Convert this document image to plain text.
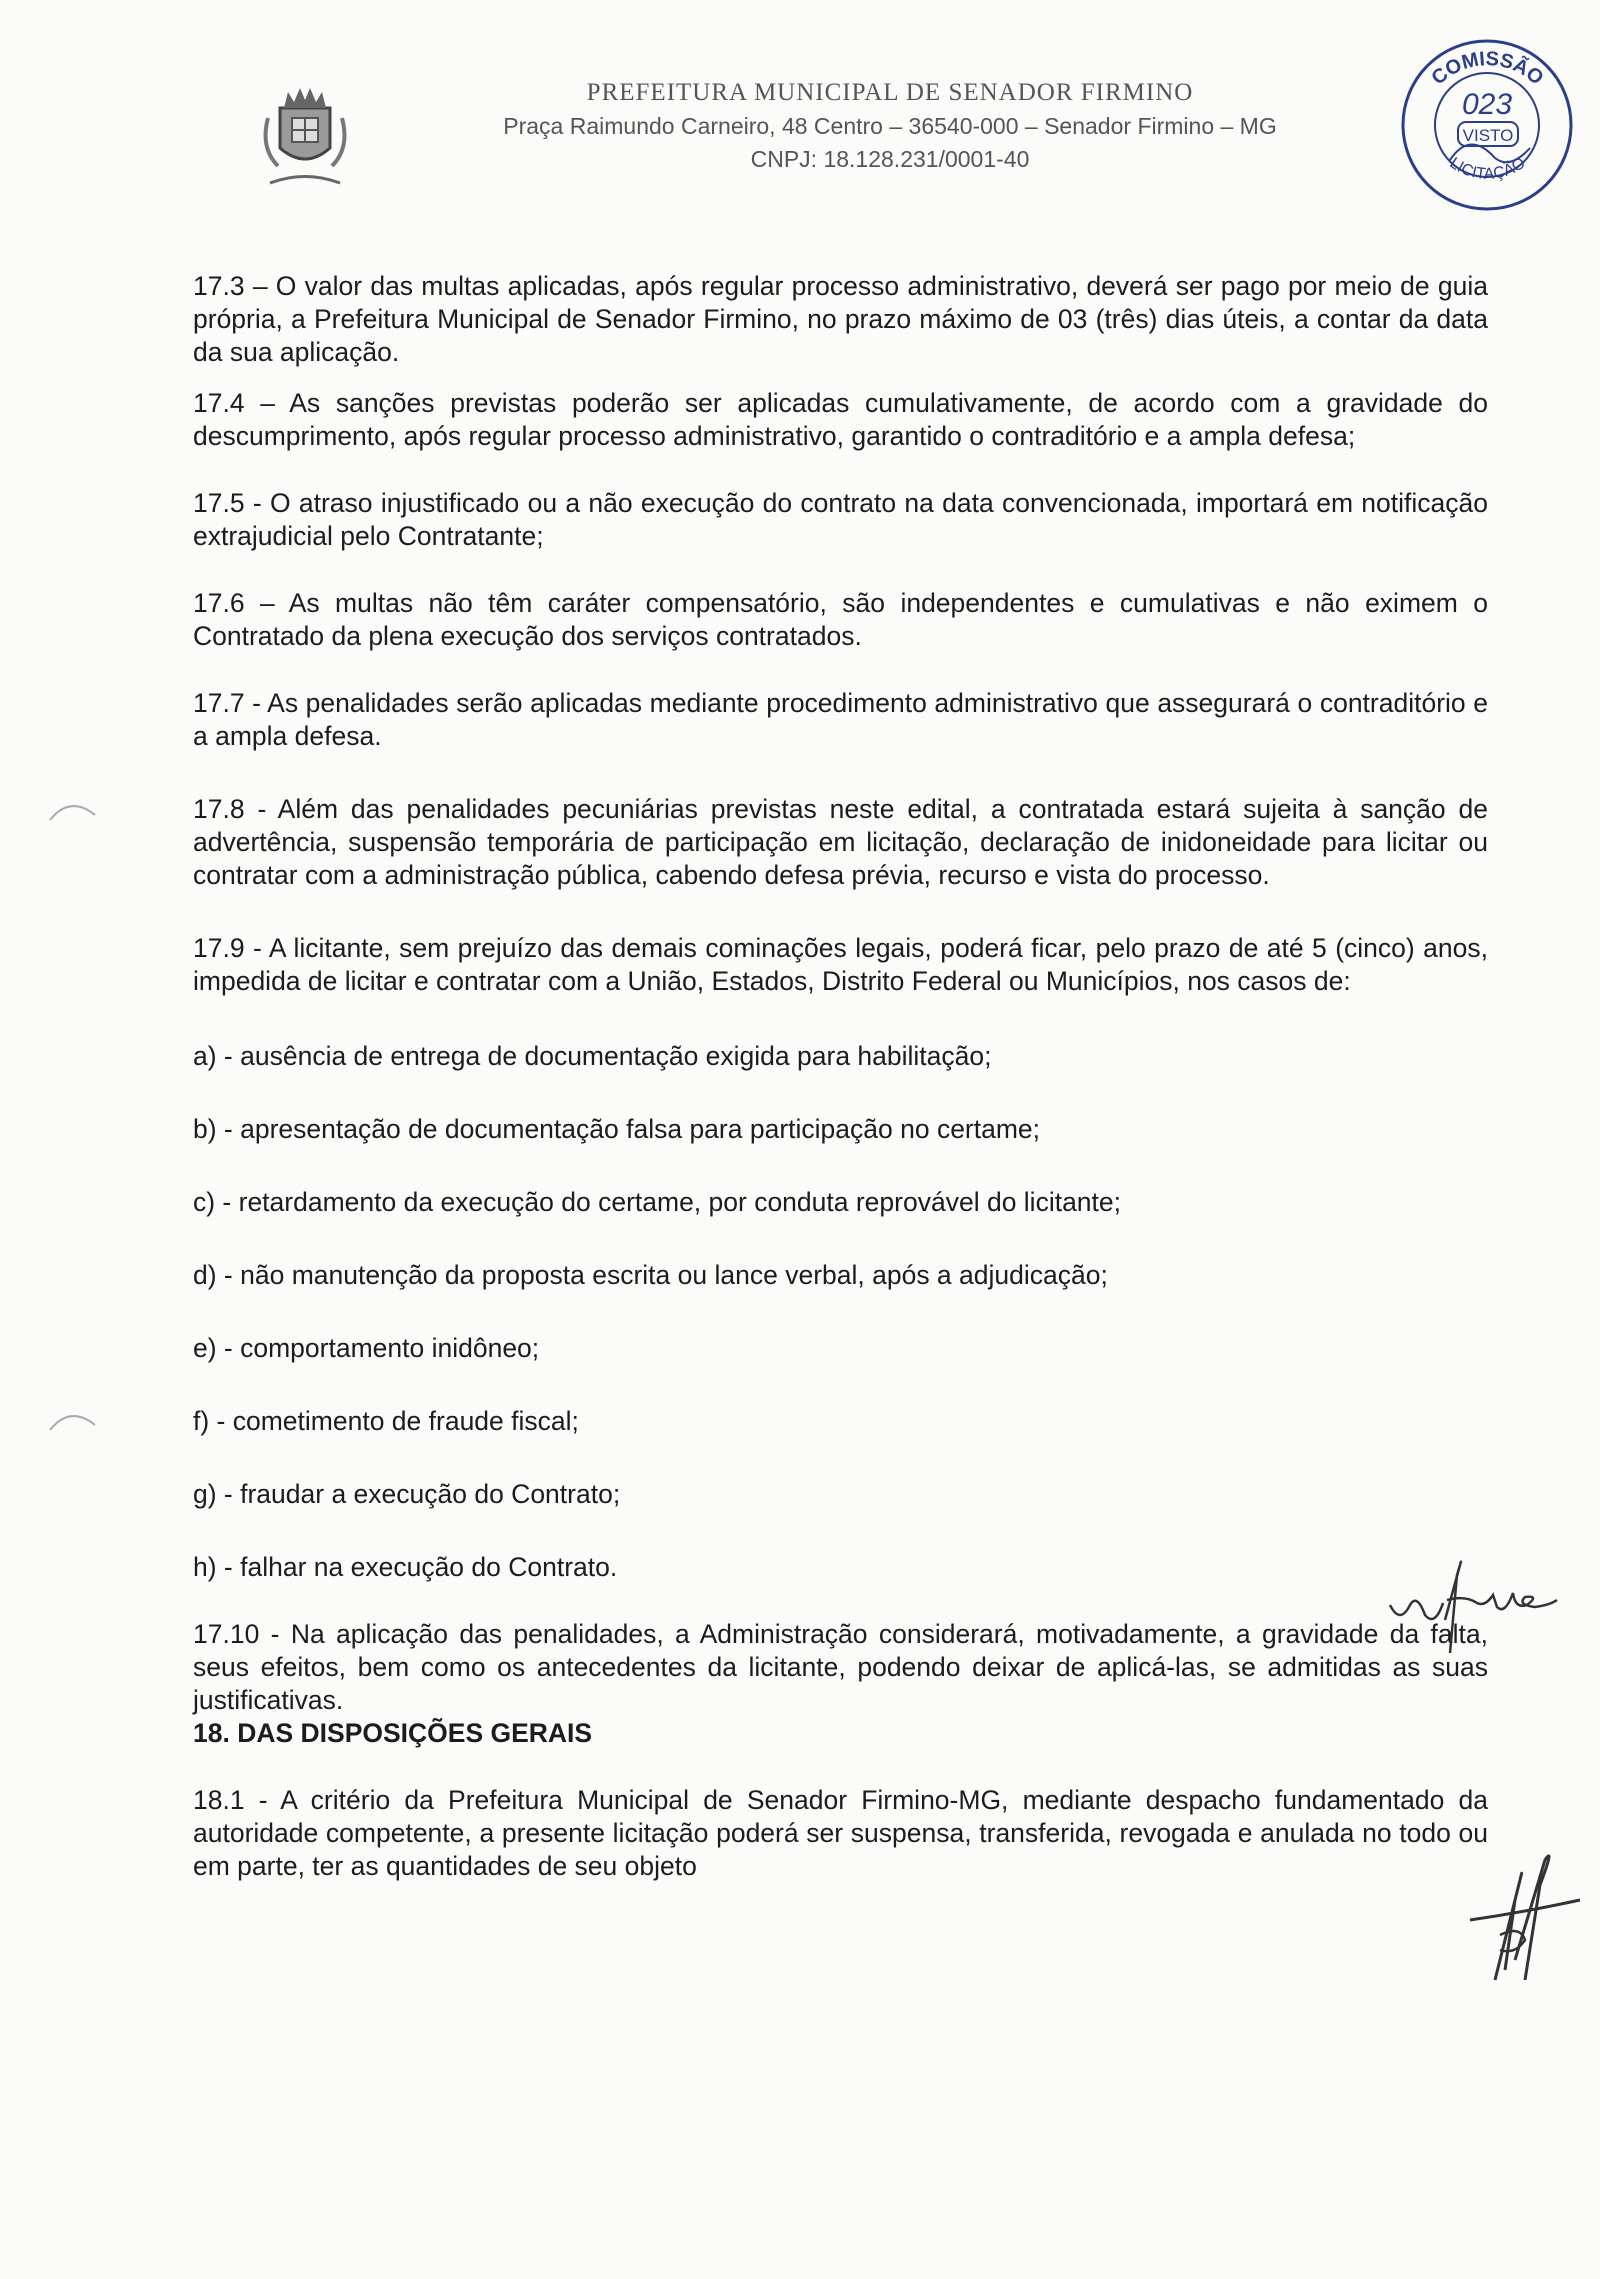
PREFEITURA MUNICIPAL DE SENADOR FIRMINO
Praça Raimundo Carneiro, 48 Centro – 36540-000 – Senador Firmino – MG
CNPJ: 18.128.231/0001-40
COMISSÃO
023
VISTO
LICITAÇÃO

17.3 – O valor das multas aplicadas, após regular processo administrativo, deverá ser pago por meio de guia própria, a Prefeitura Municipal de Senador Firmino, no prazo máximo de 03 (três) dias úteis, a contar da data da sua aplicação.

17.4 – As sanções previstas poderão ser aplicadas cumulativamente, de acordo com a gravidade do descumprimento, após regular processo administrativo, garantido o contraditório e a ampla defesa;

17.5 - O atraso injustificado ou a não execução do contrato na data convencionada, importará em notificação extrajudicial pelo Contratante;

17.6 – As multas não têm caráter compensatório, são independentes e cumulativas e não eximem o Contratado da plena execução dos serviços contratados.

17.7 - As penalidades serão aplicadas mediante procedimento administrativo que assegurará o contraditório e a ampla defesa.

17.8 - Além das penalidades pecuniárias previstas neste edital, a contratada estará sujeita à sanção de advertência, suspensão temporária de participação em licitação, declaração de inidoneidade para licitar ou contratar com a administração pública, cabendo defesa prévia, recurso e vista do processo.

17.9 - A licitante, sem prejuízo das demais cominações legais, poderá ficar, pelo prazo de até 5 (cinco) anos, impedida de licitar e contratar com a União, Estados, Distrito Federal ou Municípios, nos casos de:

a) - ausência de entrega de documentação exigida para habilitação;

b) - apresentação de documentação falsa para participação no certame;

c) - retardamento da execução do certame, por conduta reprovável do licitante;

d) - não manutenção da proposta escrita ou lance verbal, após a adjudicação;

e) - comportamento inidôneo;

f) - cometimento de fraude fiscal;

g) - fraudar a execução do Contrato;

h) - falhar na execução do Contrato.

17.10 - Na aplicação das penalidades, a Administração considerará, motivadamente, a gravidade da falta, seus efeitos, bem como os antecedentes da licitante, podendo deixar de aplicá-las, se admitidas as suas justificativas.

18. DAS DISPOSIÇÕES GERAIS

18.1 - A critério da Prefeitura Municipal de Senador Firmino-MG, mediante despacho fundamentado da autoridade competente, a presente licitação poderá ser suspensa, transferida, revogada e anulada no todo ou em parte, ter as quantidades de seu objeto
